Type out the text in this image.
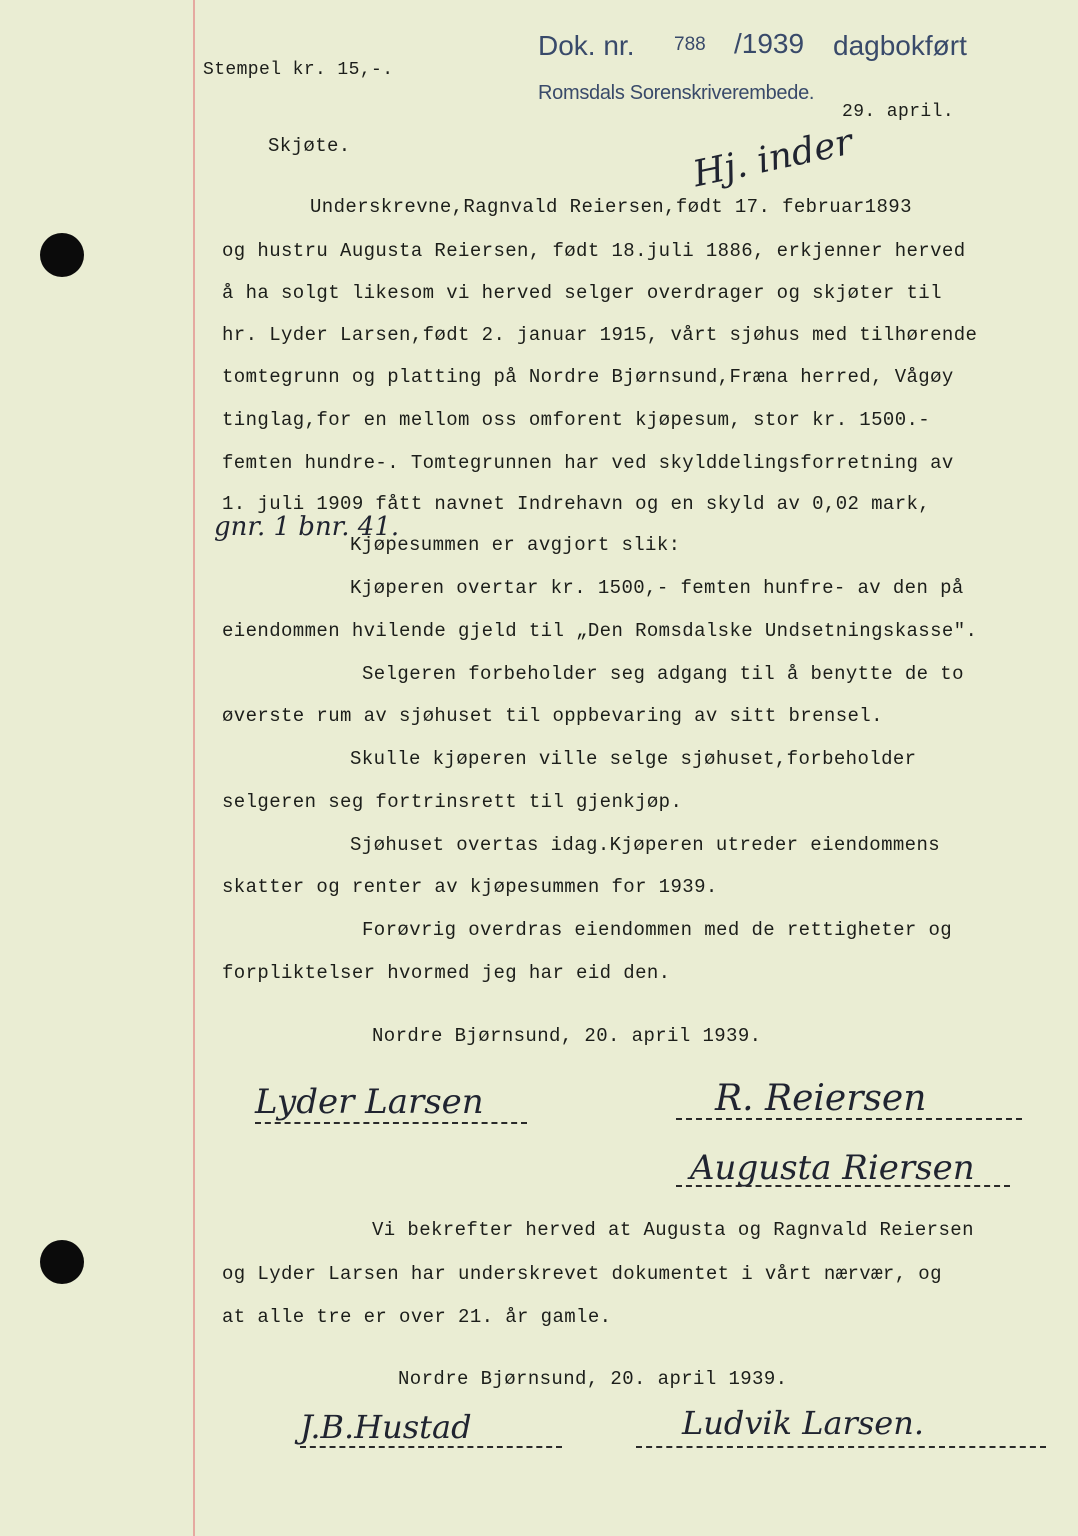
Stempel kr. 15,-.
Dok. nr. 788 /1939 dagbokført
Romsdals Sorenskriverembede.
29. april.
Skjøte.	Hj. inder
Underskrevne,Ragnvald Reiersen,født 17. februar1893
og hustru Augusta Reiersen, født 18.juli 1886, erkjenner herved
å ha solgt likesom vi herved selger overdrager og skjøter til
hr. Lyder Larsen,født 2. januar 1915, vårt sjøhus med tilhørende
tomtegrunn og platting på Nordre Bjørnsund,Fræna herred, Vågøy
tinglag,for en mellom oss omforent kjøpesum, stor kr. 1500.-
femten hundre-. Tomtegrunnen har ved skylddelingsforretning av
1. juli 1909 fått navnet Indrehavn og en skyld av 0,02 mark,
gnr. 1 bnr. 41.
Kjøpesummen er avgjort slik:
Kjøperen overtar kr. 1500,- femten hunfre- av den på
eiendommen hvilende gjeld til „Den Romsdalske Undsetningskasse".
Selgeren forbeholder seg adgang til å benytte de to
øverste rum av sjøhuset til oppbevaring av sitt brensel.
Skulle kjøperen ville selge sjøhuset,forbeholder
selgeren seg fortrinsrett til gjenkjøp.
Sjøhuset overtas idag.Kjøperen utreder eiendommens
skatter og renter av kjøpesummen for 1939.
Forøvrig overdras eiendommen med de rettigheter og
forpliktelser hvormed jeg har eid den.
Nordre Bjørnsund, 20. april 1939.
Lyder Larsen	R. Reiersen
Augusta Riersen
Vi bekrefter herved at Augusta og Ragnvald Reiersen
og Lyder Larsen har underskrevet dokumentet i vårt nærvær, og
at alle tre er over 21. år gamle.
Nordre Bjørnsund, 20. april 1939.
J.B.Hustad	Ludvik Larsen.
